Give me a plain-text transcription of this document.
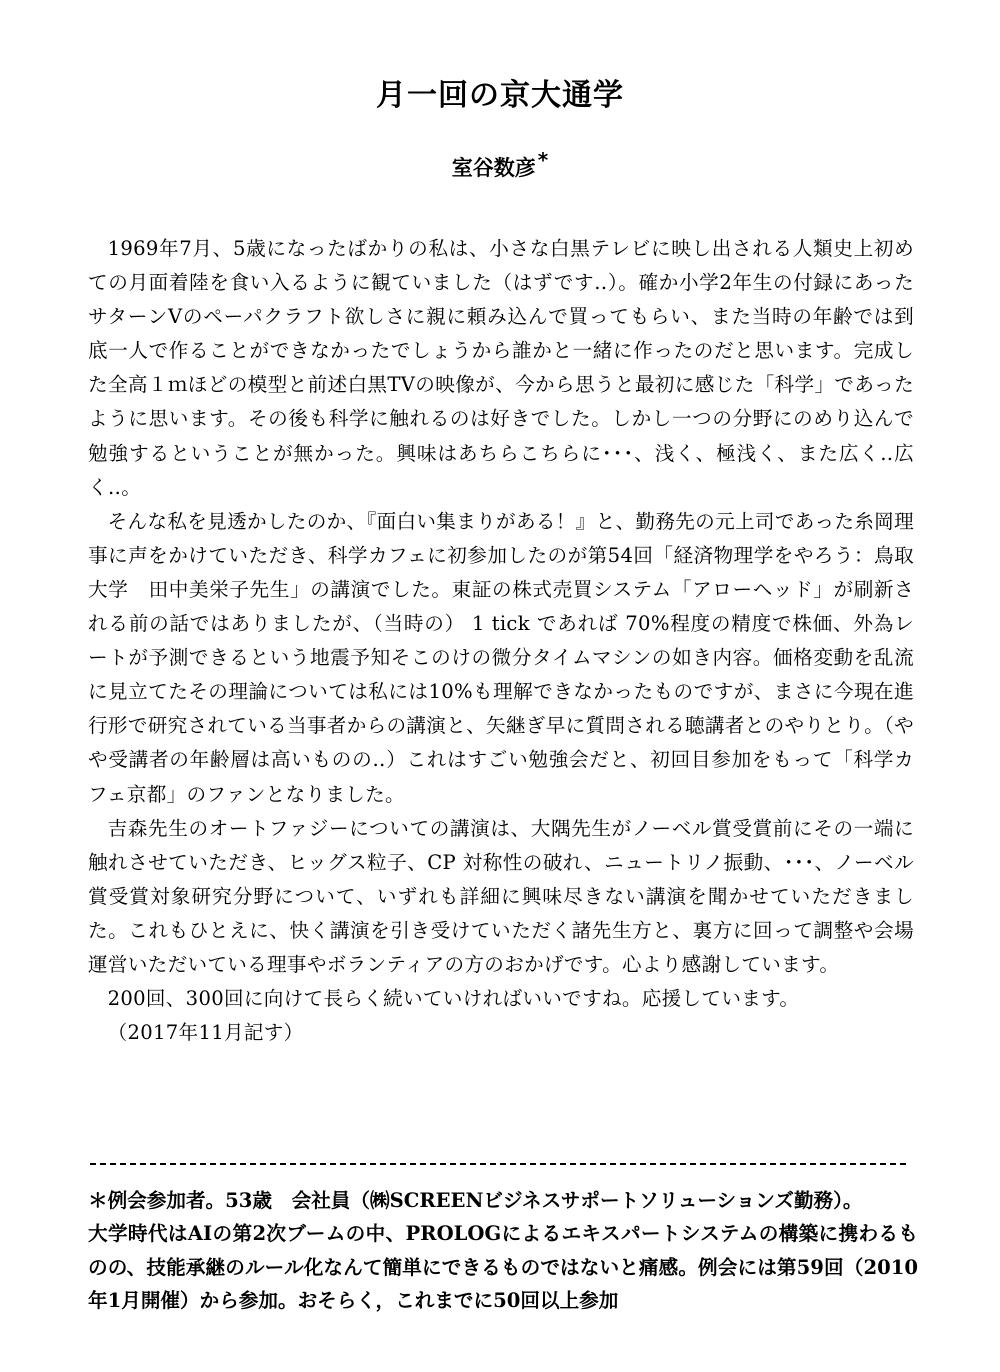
月一回の京大通学
室谷数彦 *

1969年7月、5歳になったばかりの私は、小さな白黒テレビに映し出される人類史上初めての月面着陸を食い入るように観ていました（はずです‥）。確か小学2年生の付録にあったサターンVのペーパクラフト欲しさに親に頼み込んで買ってもらい、また当時の年齢では到底一人で作ることができなかったでしょうから誰かと一緒に作ったのだと思います。完成した全高１ｍほどの模型と前述白黒TVの映像が、今から思うと最初に感じた「科学」であったように思います。その後も科学に触れるのは好きでした。しかし一つの分野にのめり込んで勉強するということが無かった。興味はあちらこちらに･･･、浅く、極浅く、また広く‥広く‥。

そんな私を見透かしたのか、『面白い集まりがある！』と、勤務先の元上司であった糸岡理事に声をかけていただき、科学カフェに初参加したのが第54回「経済物理学をやろう：鳥取大学　田中美栄子先生」の講演でした。東証の株式売買システム「アローヘッド」が刷新される前の話ではありましたが、（当時の） 1 tick であれば 70%程度の精度で株価、外為レートが予測できるという地震予知そこのけの微分タイムマシンの如き内容。価格変動を乱流に見立てたその理論については私には10%も理解できなかったものですが、まさに今現在進行形で研究されている当事者からの講演と、矢継ぎ早に質問される聴講者とのやりとり。（やや受講者の年齢層は高いものの‥）これはすごい勉強会だと、初回目参加をもって「科学カフェ京都」のファンとなりました。

吉森先生のオートファジーについての講演は、大隅先生がノーベル賞受賞前にその一端に触れさせていただき、ヒッグス粒子、CP 対称性の破れ、ニュートリノ振動、･･･、ノーベル賞受賞対象研究分野について、いずれも詳細に興味尽きない講演を聞かせていただきました。これもひとえに、快く講演を引き受けていただく諸先生方と、裏方に回って調整や会場運営いただいている理事やボランティアの方のおかげです。心より感謝しています。

200回、300回に向けて長らく続いていければいいですね。応援しています。

（2017年11月記す）

＊例会参加者。53歳　会社員（㈱SCREENビジネスサポートソリューションズ勤務）。

大学時代はAIの第2次ブームの中、PROLOGによるエキスパートシステムの構築に携わるものの、技能承継のルール化なんて簡単にできるものではないと痛感。例会には第59回（2010年1月開催）から参加。おそらく，これまでに50回以上参加
